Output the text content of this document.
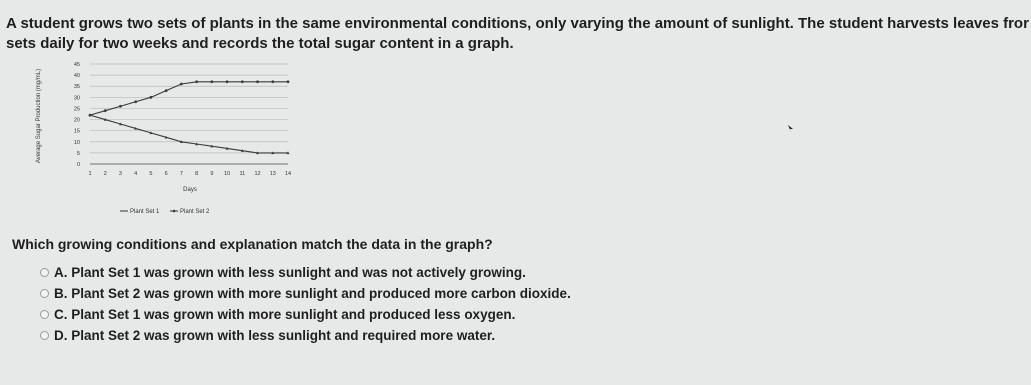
A student grows two sets of plants in the same environmental conditions, only varying the amount of sunlight. The student harvests leaves fror
sets daily for two weeks and records the total sugar content in a graph.
0
5
10
15
20
25
30
35
40
45
1 2 3 4 5 6 7 8 9 10 11 12 13 14
Average Sugar Production (mg/mL)
Days
Plant Set 1	Plant Set 2
Which growing conditions and explanation match the data in the graph?
A. Plant Set 1 was grown with less sunlight and was not actively growing.
B. Plant Set 2 was grown with more sunlight and produced more carbon dioxide.
C. Plant Set 1 was grown with more sunlight and produced less oxygen.
D. Plant Set 2 was grown with less sunlight and required more water.
